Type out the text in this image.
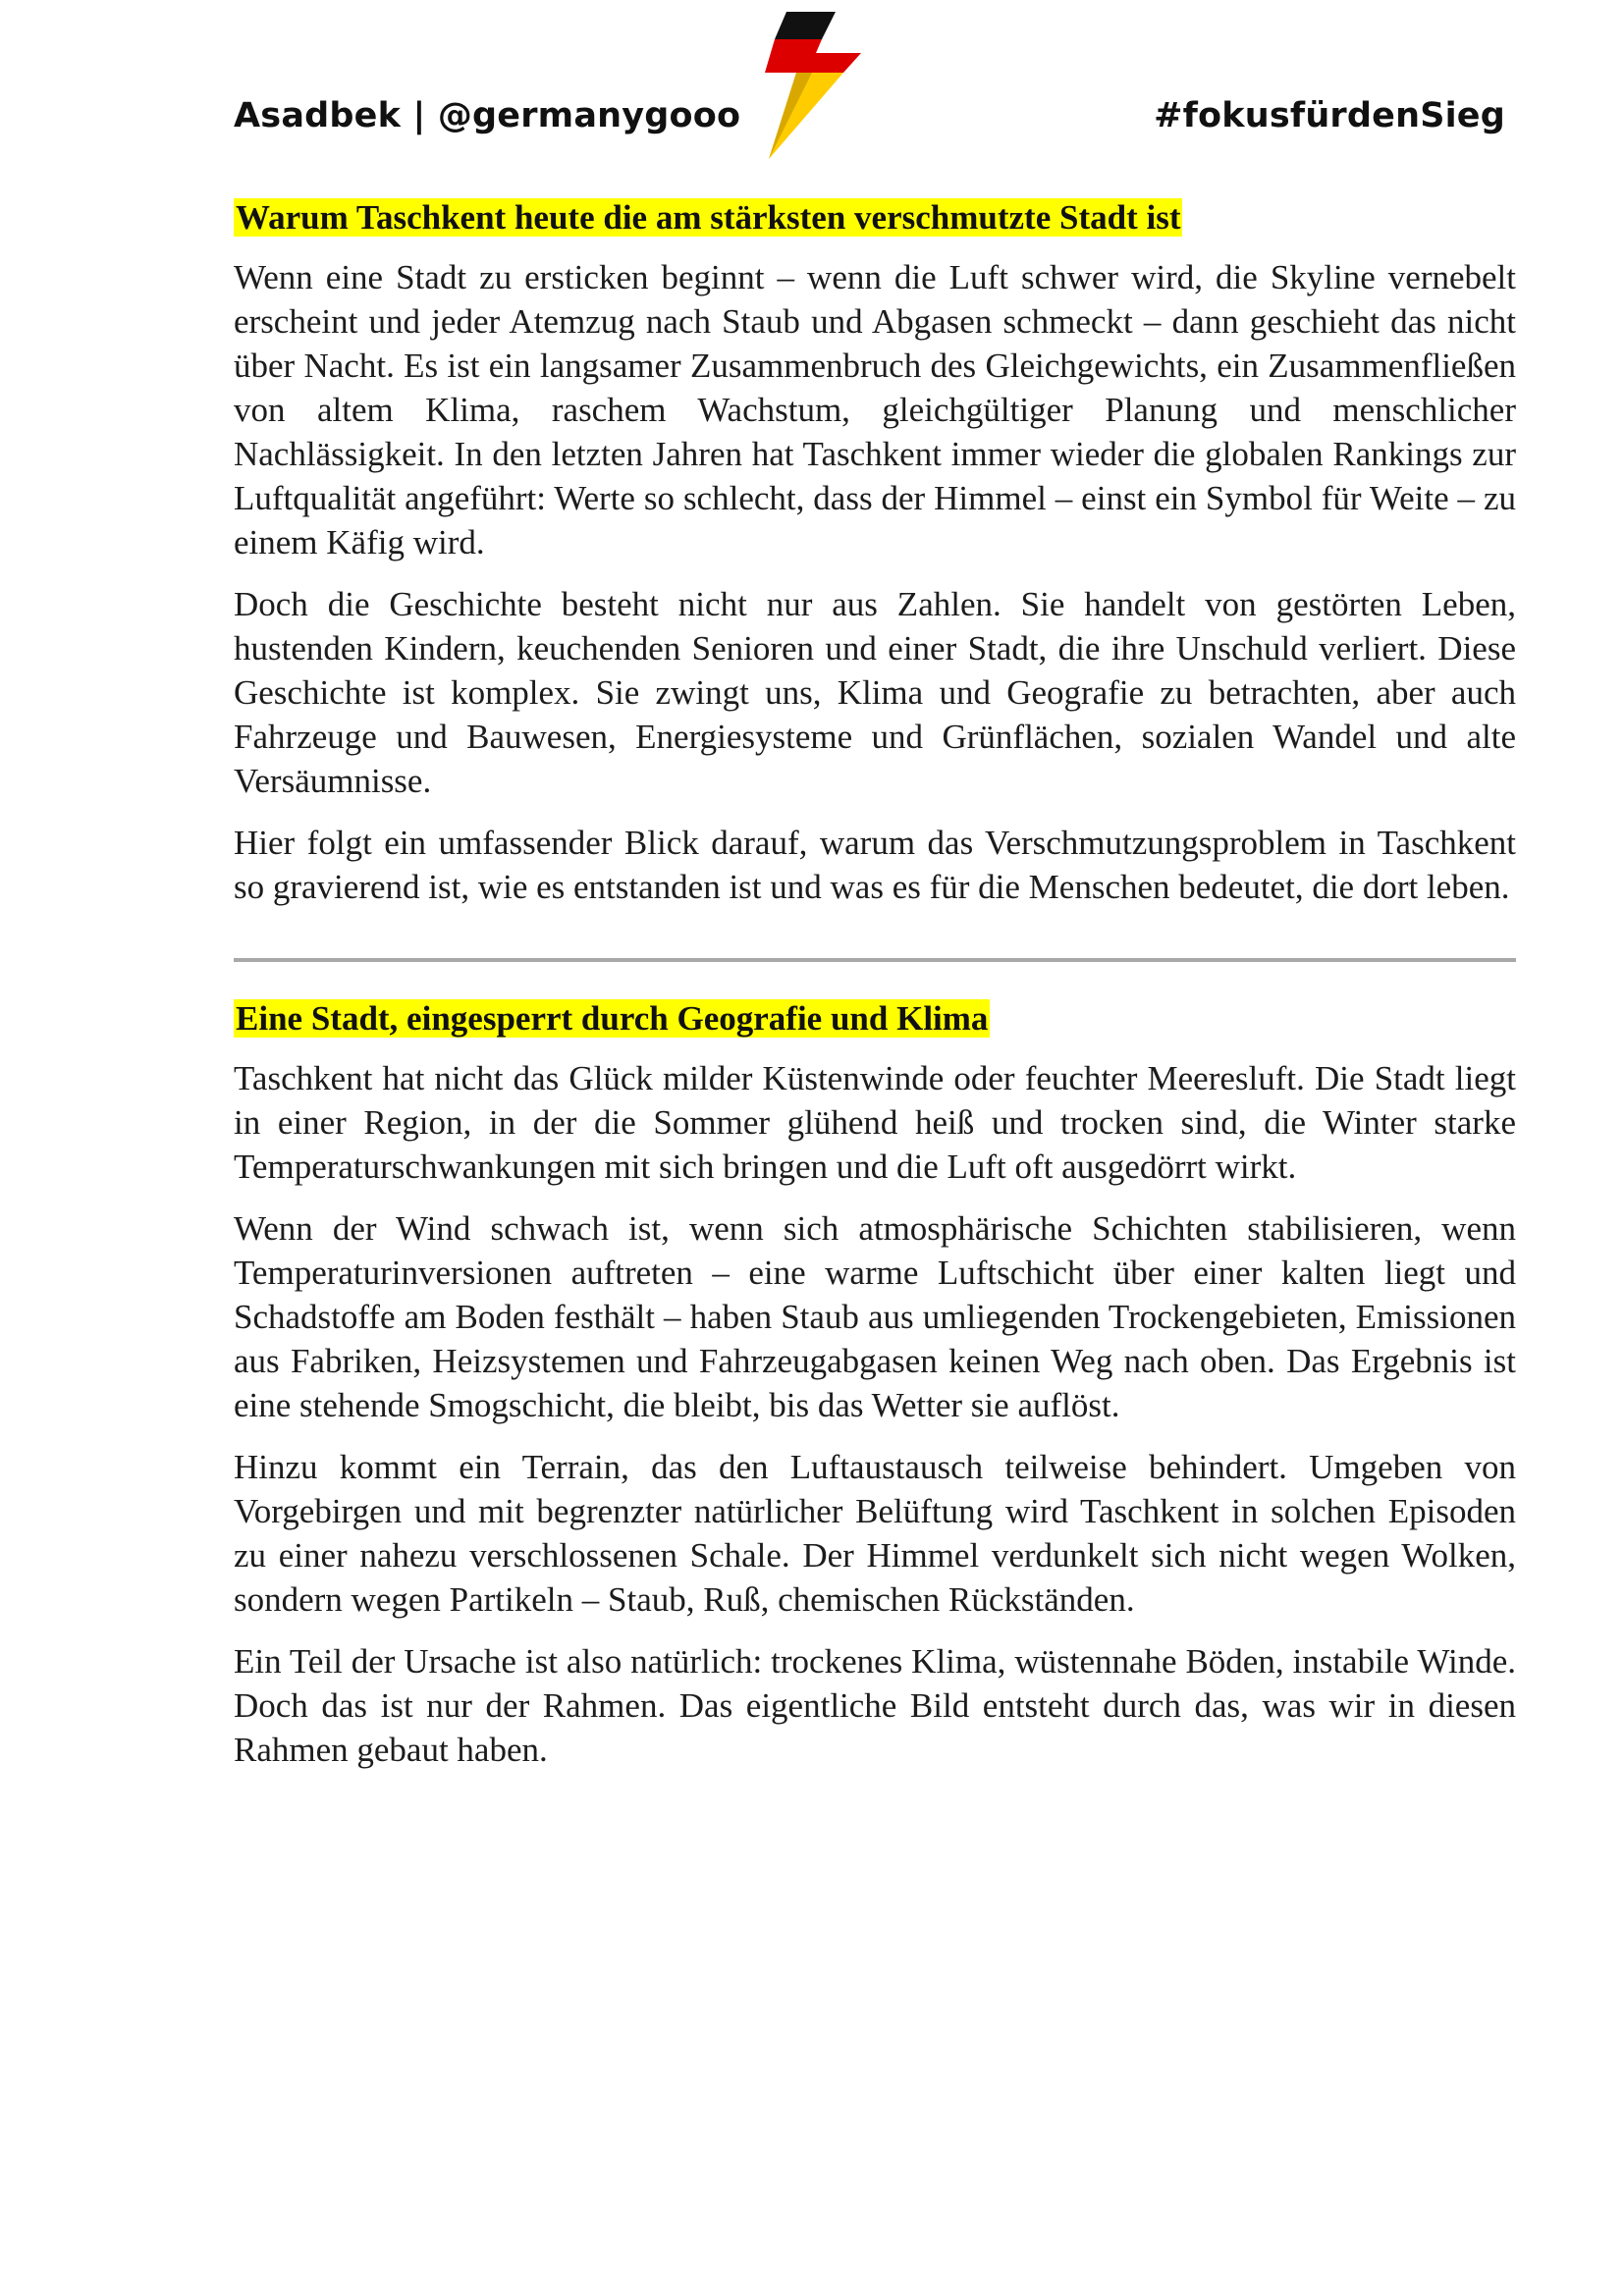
Asadbek | @germanygooo	#fokusfürdenSieg
Warum Taschkent heute die am stärksten verschmutzte Stadt ist

Wenn eine Stadt zu ersticken beginnt – wenn die Luft schwer wird, die Skyline vernebelt erscheint und jeder Atemzug nach Staub und Abgasen schmeckt – dann geschieht das nicht über Nacht. Es ist ein langsamer Zusammenbruch des Gleichgewichts, ein Zusammenfließen von altem Klima, raschem Wachstum, gleichgültiger Planung und menschlicher Nachlässigkeit. In den letzten Jahren hat Taschkent immer wieder die globalen Rankings zur Luftqualität angeführt: Werte so schlecht, dass der Himmel – einst ein Symbol für Weite – zu einem Käfig wird.

Doch die Geschichte besteht nicht nur aus Zahlen. Sie handelt von gestörten Leben, hustenden Kindern, keuchenden Senioren und einer Stadt, die ihre Unschuld verliert. Diese Geschichte ist komplex. Sie zwingt uns, Klima und Geografie zu betrachten, aber auch Fahrzeuge und Bauwesen, Energiesysteme und Grünflächen, sozialen Wandel und alte Versäumnisse.

Hier folgt ein umfassender Blick darauf, warum das Verschmutzungsproblem in Taschkent so gravierend ist, wie es entstanden ist und was es für die Menschen bedeutet, die dort leben.

Eine Stadt, eingesperrt durch Geografie und Klima

Taschkent hat nicht das Glück milder Küstenwinde oder feuchter Meeresluft. Die Stadt liegt in einer Region, in der die Sommer glühend heiß und trocken sind, die Winter starke Temperaturschwankungen mit sich bringen und die Luft oft ausgedörrt wirkt.

Wenn der Wind schwach ist, wenn sich atmosphärische Schichten stabilisieren, wenn Temperaturinversionen auftreten – eine warme Luftschicht über einer kalten liegt und Schadstoffe am Boden festhält – haben Staub aus umliegenden Trockengebieten, Emissionen aus Fabriken, Heizsystemen und Fahrzeugabgasen keinen Weg nach oben. Das Ergebnis ist eine stehende Smogschicht, die bleibt, bis das Wetter sie auflöst.

Hinzu kommt ein Terrain, das den Luftaustausch teilweise behindert. Umgeben von Vorgebirgen und mit begrenzter natürlicher Belüftung wird Taschkent in solchen Episoden zu einer nahezu verschlossenen Schale. Der Himmel verdunkelt sich nicht wegen Wolken, sondern wegen Partikeln – Staub, Ruß, chemischen Rückständen.

Ein Teil der Ursache ist also natürlich: trockenes Klima, wüstennahe Böden, instabile Winde. Doch das ist nur der Rahmen. Das eigentliche Bild entsteht durch das, was wir in diesen Rahmen gebaut haben.
